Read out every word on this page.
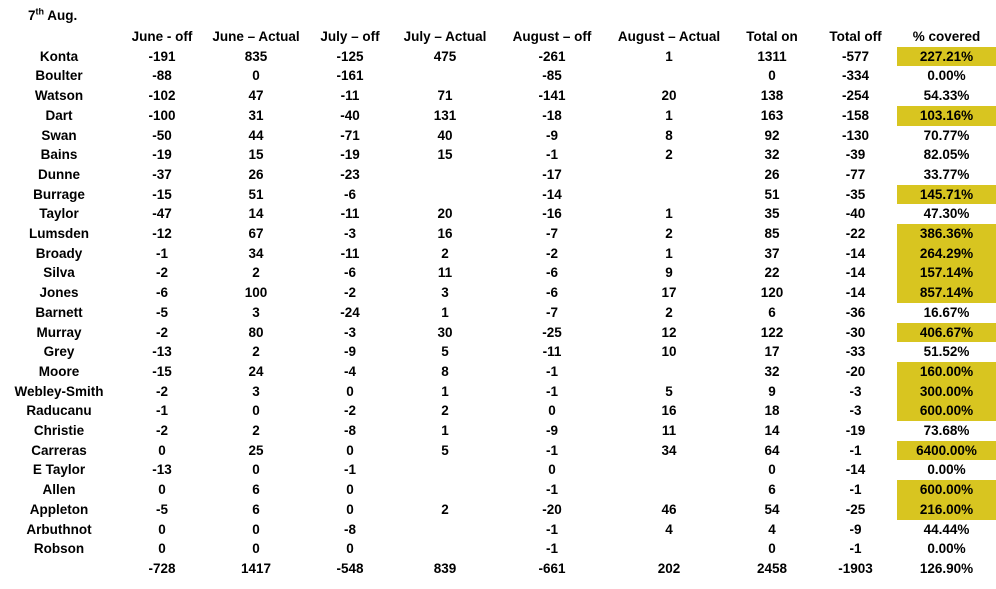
7th Aug.
	June - off	June – Actual	July – off	July – Actual	August – off	August – Actual	Total on	Total off	% covered
Konta	-191	835	-125	475	-261	1	1311	-577	227.21%
Boulter	-88	0	-161		-85		0	-334	0.00%
Watson	-102	47	-11	71	-141	20	138	-254	54.33%
Dart	-100	31	-40	131	-18	1	163	-158	103.16%
Swan	-50	44	-71	40	-9	8	92	-130	70.77%
Bains	-19	15	-19	15	-1	2	32	-39	82.05%
Dunne	-37	26	-23		-17		26	-77	33.77%
Burrage	-15	51	-6		-14		51	-35	145.71%
Taylor	-47	14	-11	20	-16	1	35	-40	47.30%
Lumsden	-12	67	-3	16	-7	2	85	-22	386.36%
Broady	-1	34	-11	2	-2	1	37	-14	264.29%
Silva	-2	2	-6	11	-6	9	22	-14	157.14%
Jones	-6	100	-2	3	-6	17	120	-14	857.14%
Barnett	-5	3	-24	1	-7	2	6	-36	16.67%
Murray	-2	80	-3	30	-25	12	122	-30	406.67%
Grey	-13	2	-9	5	-11	10	17	-33	51.52%
Moore	-15	24	-4	8	-1		32	-20	160.00%
Webley-Smith	-2	3	0	1	-1	5	9	-3	300.00%
Raducanu	-1	0	-2	2	0	16	18	-3	600.00%
Christie	-2	2	-8	1	-9	11	14	-19	73.68%
Carreras	0	25	0	5	-1	34	64	-1	6400.00%
E Taylor	-13	0	-1		0		0	-14	0.00%
Allen	0	6	0		-1		6	-1	600.00%
Appleton	-5	6	0	2	-20	46	54	-25	216.00%
Arbuthnot	0	0	-8		-1	4	4	-9	44.44%
Robson	0	0	0		-1		0	-1	0.00%
	-728	1417	-548	839	-661	202	2458	-1903	126.90%
